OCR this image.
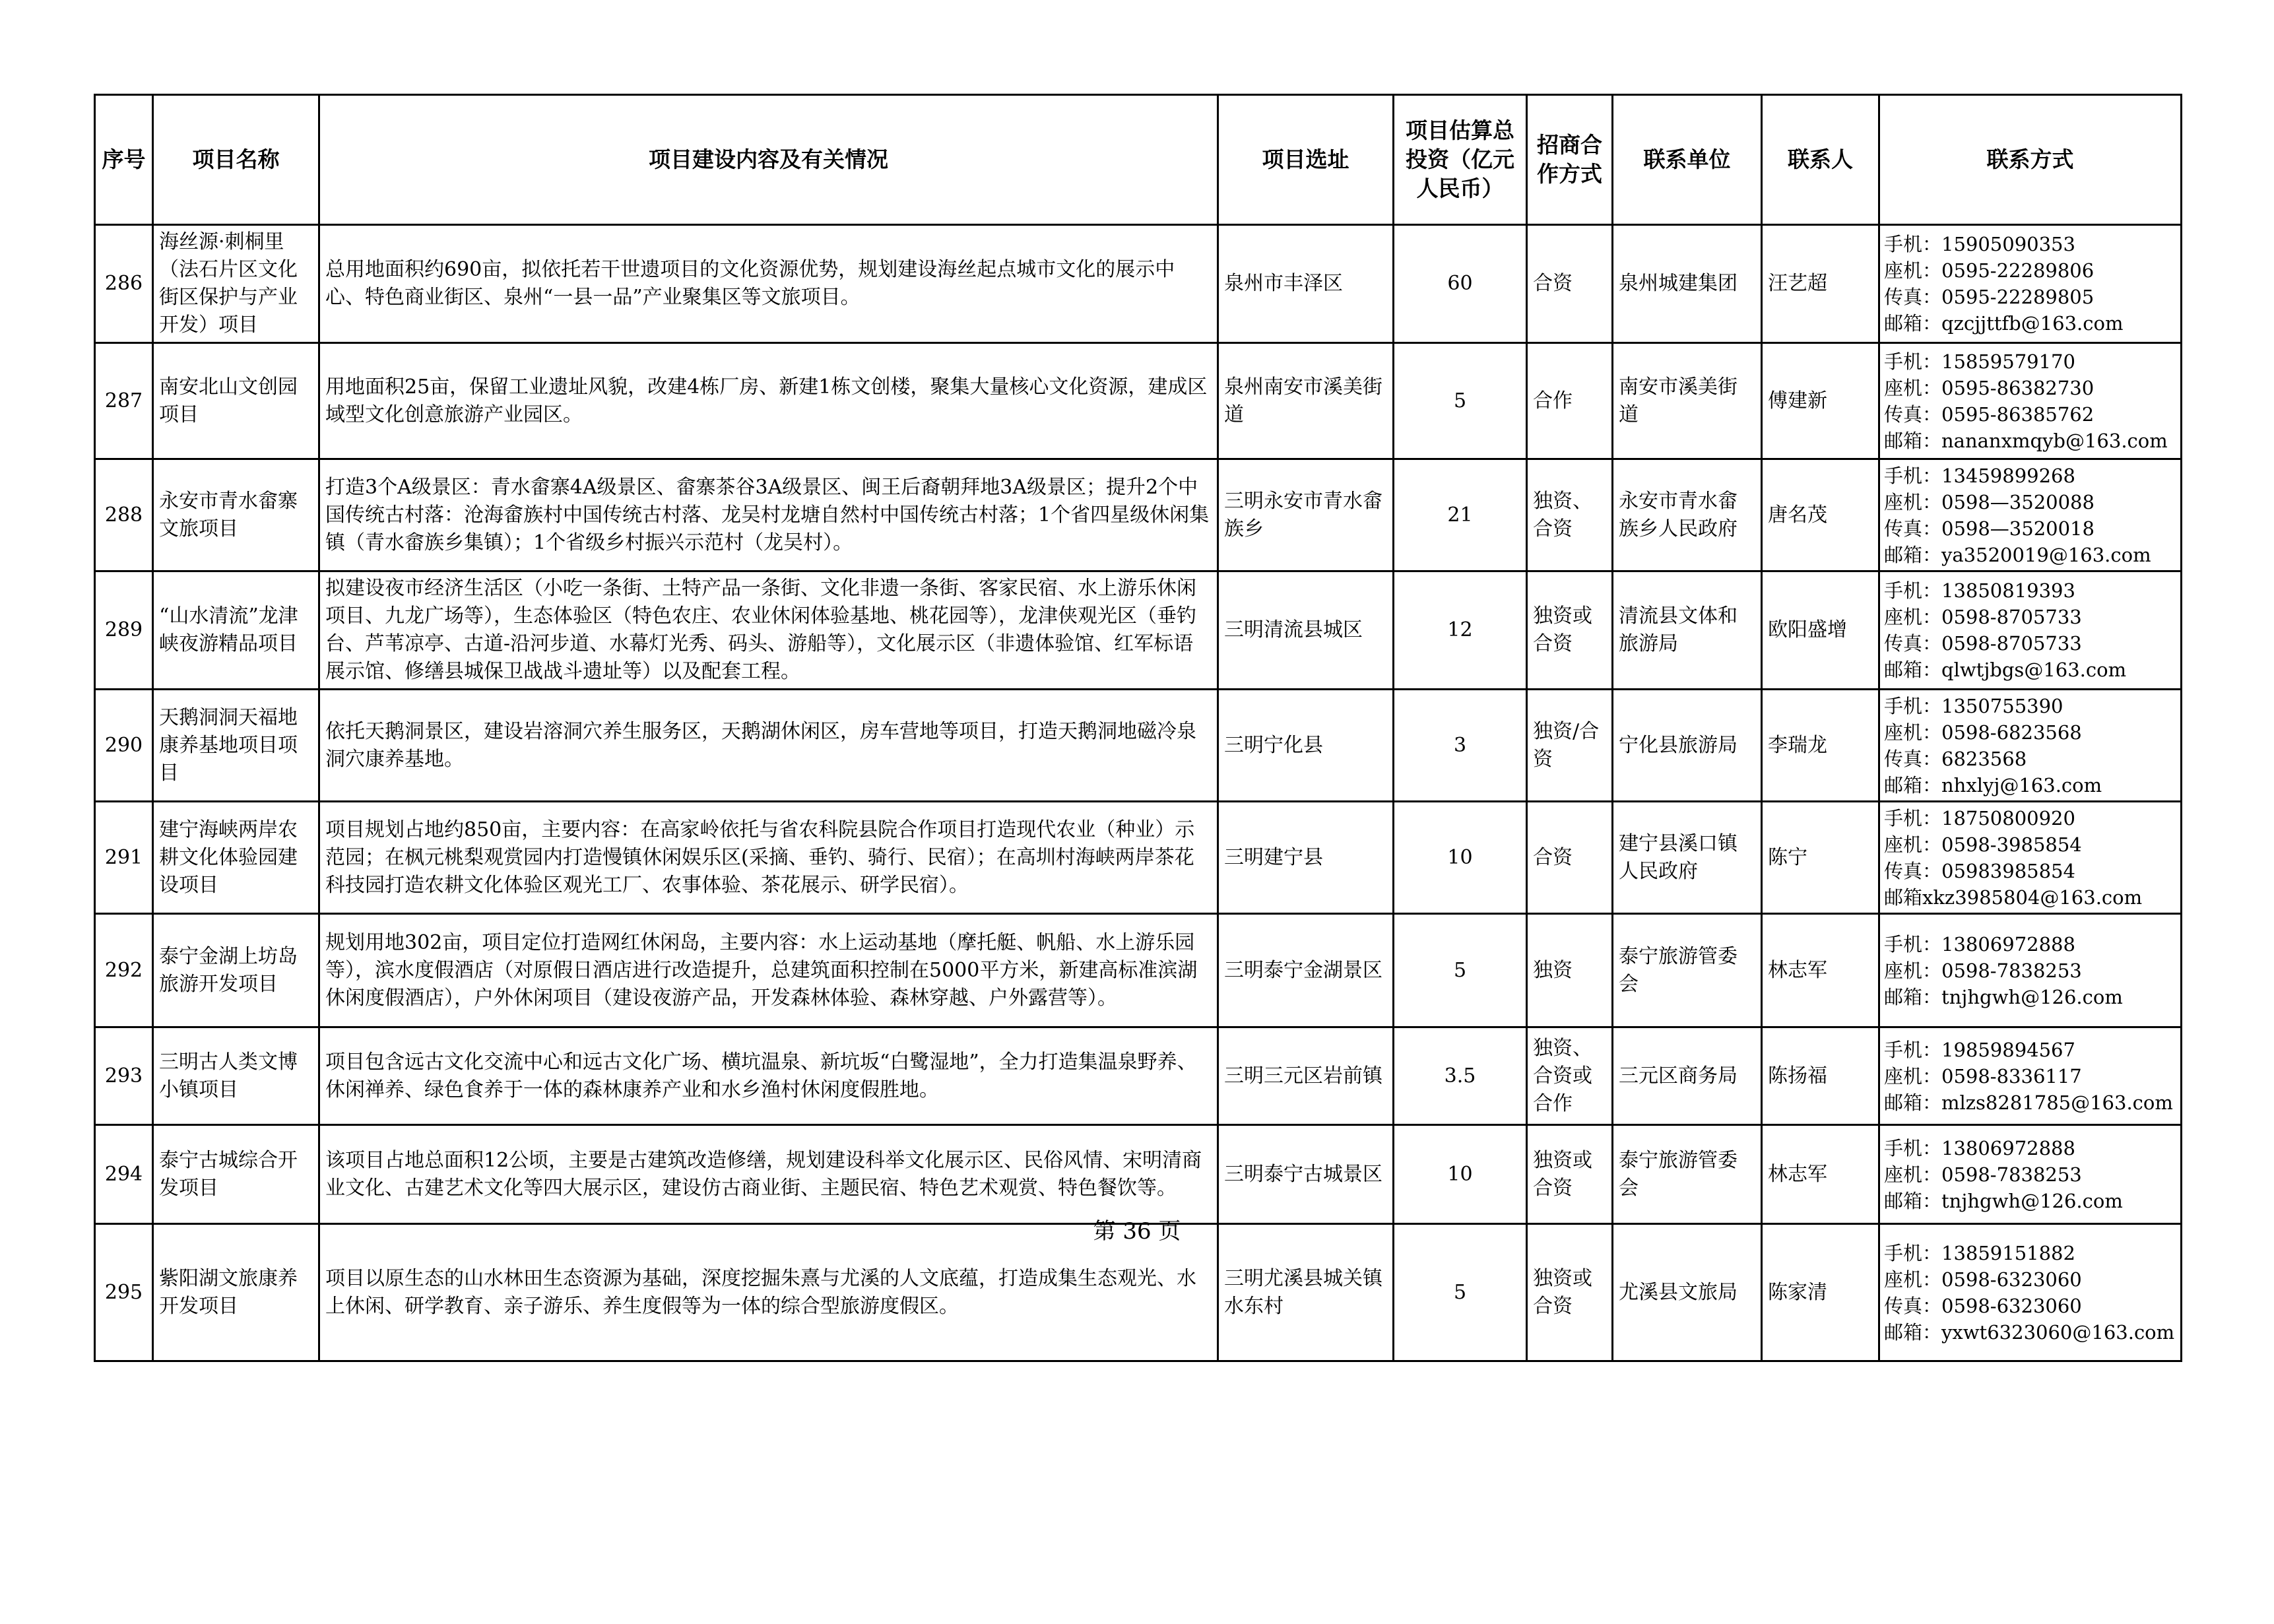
序号	项目名称	项目建设内容及有关情况	项目选址	项目估算总投资（亿元人民币）	招商合作方式	联系单位	联系人	联系方式
286	海丝源·刺桐里（法石片区文化街区保护与产业开发）项目	总用地面积约690亩，拟依托若干世遗项目的文化资源优势，规划建设海丝起点城市文化的展示中心、特色商业街区、泉州“一县一品”产业聚集区等文旅项目。	泉州市丰泽区	60	合资	泉州城建集团	汪艺超	手机：15905090353
座机：0595-22289806
传真：0595-22289805
邮箱：qzcjjttfb@163.com

287	南安北山文创园项目	用地面积25亩，保留工业遗址风貌，改建4栋厂房、新建1栋文创楼，聚集大量核心文化资源，建成区域型文化创意旅游产业园区。	泉州南安市溪美街道	5	合作	南安市溪美街道	傅建新	手机：15859579170
座机：0595-86382730
传真：0595-86385762
邮箱：nananxmqyb@163.com

288	永安市青水畲寨文旅项目	打造3个A级景区：青水畲寨4A级景区、畲寨茶谷3A级景区、闽王后裔朝拜地3A级景区；提升2个中国传统古村落：沧海畲族村中国传统古村落、龙吴村龙塘自然村中国传统古村落；1个省四星级休闲集镇（青水畲族乡集镇）；1个省级乡村振兴示范村（龙吴村）。	三明永安市青水畲族乡	21	独资、合资	永安市青水畲族乡人民政府	唐名茂	手机：13459899268
座机：0598—3520088
传真：0598—3520018
邮箱：ya3520019@163.com

289	“山水清流”龙津峡夜游精品项目	拟建设夜市经济生活区（小吃一条街、土特产品一条街、文化非遗一条街、客家民宿、水上游乐休闲项目、九龙广场等），生态体验区（特色农庄、农业休闲体验基地、桃花园等），龙津侠观光区（垂钓台、芦苇凉亭、古道-沿河步道、水幕灯光秀、码头、游船等），文化展示区（非遗体验馆、红军标语展示馆、修缮县城保卫战战斗遗址等）以及配套工程。	三明清流县城区	12	独资或合资	清流县文体和旅游局	欧阳盛增	手机：13850819393
座机：0598-8705733
传真：0598-8705733
邮箱：qlwtjbgs@163.com

290	天鹅洞洞天福地康养基地项目项目	依托天鹅洞景区，建设岩溶洞穴养生服务区，天鹅湖休闲区，房车营地等项目，打造天鹅洞地磁冷泉洞穴康养基地。	三明宁化县	3	独资/合资	宁化县旅游局	李瑞龙	手机：1350755390
座机：0598-6823568
传真：6823568
邮箱：nhxlyj@163.com

291	建宁海峡两岸农耕文化体验园建设项目	项目规划占地约850亩，主要内容：在高家岭依托与省农科院县院合作项目打造现代农业（种业）示范园；在枫元桃梨观赏园内打造慢镇休闲娱乐区(采摘、垂钓、骑行、民宿）；在高圳村海峡两岸茶花科技园打造农耕文化体验区观光工厂、农事体验、茶花展示、研学民宿）。	三明建宁县	10	合资	建宁县溪口镇人民政府	陈宁	手机：18750800920
座机：0598-3985854
传真：05983985854
邮箱xkz3985804@163.com

292	泰宁金湖上坊岛旅游开发项目	规划用地302亩，项目定位打造网红休闲岛，主要内容：水上运动基地（摩托艇、帆船、水上游乐园等），滨水度假酒店（对原假日酒店进行改造提升，总建筑面积控制在5000平方米，新建高标准滨湖休闲度假酒店），户外休闲项目（建设夜游产品，开发森林体验、森林穿越、户外露营等）。	三明泰宁金湖景区	5	独资	泰宁旅游管委会	林志军	手机：13806972888
座机：0598-7838253
邮箱：tnjhgwh@126.com

293	三明古人类文博小镇项目	项目包含远古文化交流中心和远古文化广场、横坑温泉、新坑坂“白鹭湿地”，全力打造集温泉野养、休闲禅养、绿色食养于一体的森林康养产业和水乡渔村休闲度假胜地。	三明三元区岩前镇	3.5	独资、合资或合作	三元区商务局	陈扬福	手机：19859894567
座机：0598-8336117
邮箱：mlzs8281785@163.com

294	泰宁古城综合开发项目	该项目占地总面积12公顷，主要是古建筑改造修缮，规划建设科举文化展示区、民俗风情、宋明清商业文化、古建艺术文化等四大展示区，建设仿古商业街、主题民宿、特色艺术观赏、特色餐饮等。	三明泰宁古城景区	10	独资或合资	泰宁旅游管委会	林志军	手机：13806972888
座机：0598-7838253
邮箱：tnjhgwh@126.com

295	紫阳湖文旅康养开发项目	项目以原生态的山水林田生态资源为基础，深度挖掘朱熹与尤溪的人文底蕴，打造成集生态观光、水上休闲、研学教育、亲子游乐、养生度假等为一体的综合型旅游度假区。	三明尤溪县城关镇水东村	5	独资或合资	尤溪县文旅局	陈家清	手机：13859151882
座机：0598-6323060
传真：0598-6323060
邮箱：yxwt6323060@163.com
第 36 页
